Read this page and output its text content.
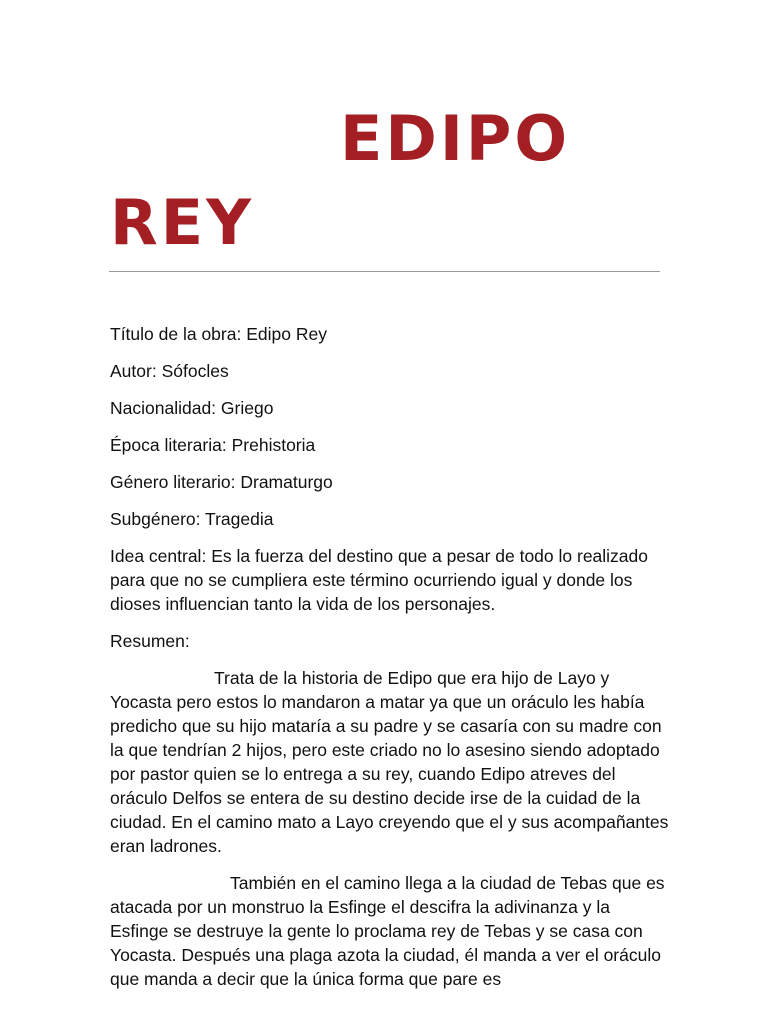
EDIPO
REY

Título de la obra: Edipo Rey

Autor: Sófocles

Nacionalidad: Griego

Época literaria: Prehistoria

Género literario: Dramaturgo

Subgénero: Tragedia

Idea central: Es la fuerza del destino que a pesar de todo lo realizado para que no se cumpliera este término ocurriendo igual y donde los dioses influencian tanto la vida de los personajes.

Resumen:

Trata de la historia de Edipo que era hijo de Layo y Yocasta pero estos lo mandaron a matar ya que un oráculo les había predicho que su hijo mataría a su padre y se casaría con su madre con la que tendrían 2 hijos, pero este criado no lo asesino siendo adoptado por pastor quien se lo entrega a su rey, cuando Edipo atreves del oráculo Delfos se entera de su destino decide irse de la cuidad de la ciudad. En el camino mato a Layo creyendo que el y sus acompañantes eran ladrones.

También en el camino llega a la ciudad de Tebas que es atacada por un monstruo la Esfinge el descifra la adivinanza y la Esfinge se destruye la gente lo proclama rey de Tebas y se casa con Yocasta. Después una plaga azota la ciudad, él manda a ver el oráculo que manda a decir que la única forma que pare es
